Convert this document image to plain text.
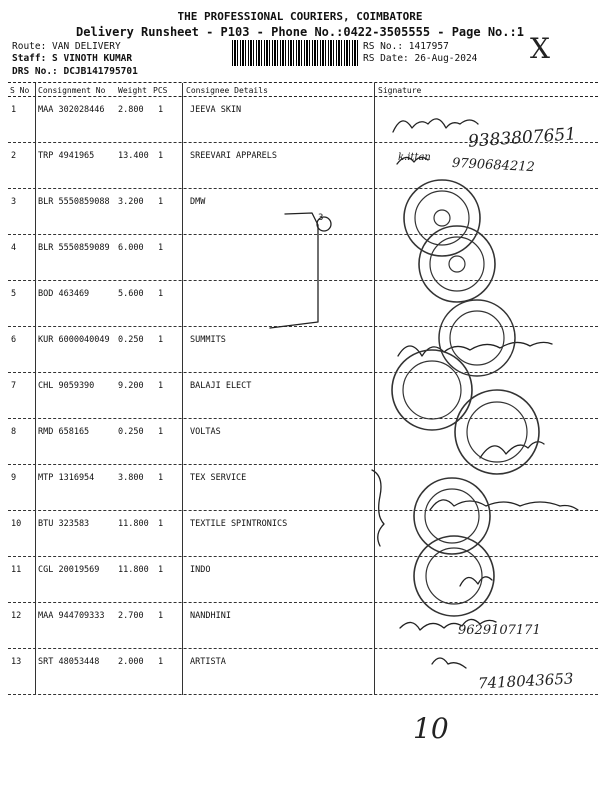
THE PROFESSIONAL COURIERS, COIMBATORE
Delivery Runsheet - P103 - Phone No.:0422-3505555 - Page No.:1
Route: VAN DELIVERY
Staff: S VINOTH KUMAR
DRS No.: DCJB141795701
RS No.: 1417957
RS Date: 26-Aug-2024 X
S No Consignment No Weight PCS Consignee Details	Signature
1	MAA 302028446 2.800 1	JEEVA SKIN
2	TRP 4941965	13.400 1	SREEVARI APPARELS
3	BLR 5550859088 3.200 1	DMW
4	BLR 5550859089 6.000 1
5	BOD 463469	5.600 1
6	KUR 6000040049 0.250 1	SUMMITS
7	CHL 9059390	9.200 1	BALAJI ELECT
8	RMD 658165	0.250 1	VOLTAS
9	MTP 1316954	3.800 1	TEX SERVICE
10 BTU 323583	11.800 1	TEXTILE SPINTRONICS
11 CGL 20019569 11.800 1	INDO
12 MAA 944709333 2.700 1	NANDHINI
13 SRT 48053448 2.000 1	ARTISTA
9383807651
k.ittan 9790684212
9629107171
7418043653
3
10
